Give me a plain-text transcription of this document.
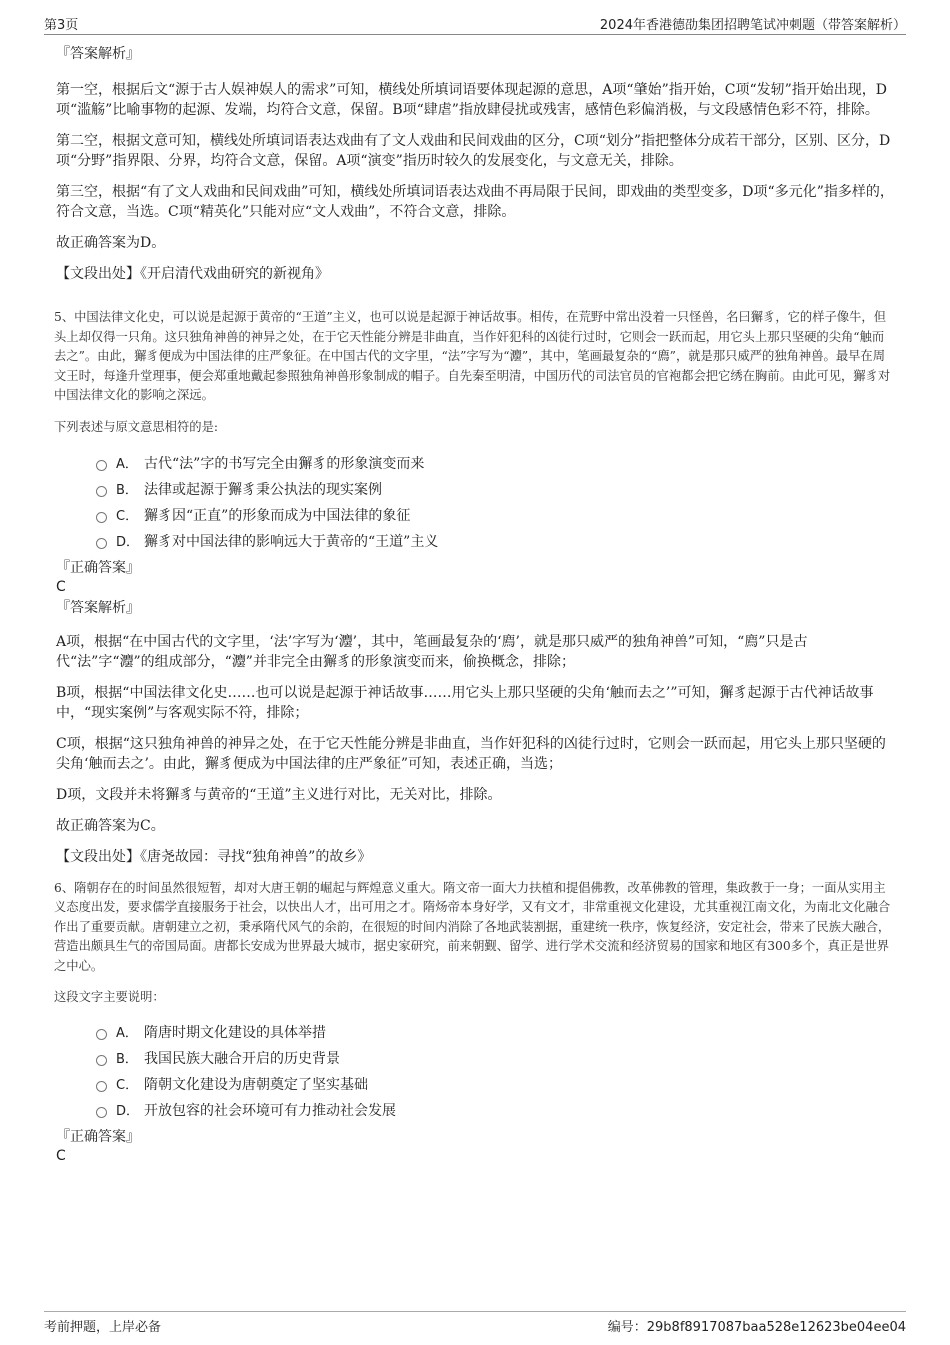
第3页	2024年香港德劭集团招聘笔试冲刺题（带答案解析）

『答案解析』

第一空，根据后文“源于古人娱神娱人的需求”可知，横线处所填词语要体现起源的意思，A项“肇始”指开始，C项“发轫”指开始出现，D项“滥觞”比喻事物的起源、发端，均符合文意，保留。B项“肆虐”指放肆侵扰或残害，感情色彩偏消极，与文段感情色彩不符，排除。

第二空，根据文意可知，横线处所填词语表达戏曲有了文人戏曲和民间戏曲的区分，C项“划分”指把整体分成若干部分，区别、区分，D项“分野”指界限、分界，均符合文意，保留。A项“演变”指历时较久的发展变化，与文意无关，排除。

第三空，根据“有了文人戏曲和民间戏曲”可知，横线处所填词语表达戏曲不再局限于民间，即戏曲的类型变多，D项“多元化”指多样的，符合文意，当选。C项“精英化”只能对应“文人戏曲”，不符合文意，排除。

故正确答案为D。

【文段出处】《开启清代戏曲研究的新视角》

5、中国法律文化史，可以说是起源于黄帝的“王道”主义，也可以说是起源于神话故事。相传，在荒野中常出没着一只怪兽，名曰獬豸，它的样子像牛，但头上却仅得一只角。这只独角神兽的神异之处，在于它天性能分辨是非曲直，当作奸犯科的凶徒行过时，它则会一跃而起，用它头上那只坚硬的尖角“触而去之”。由此，獬豸便成为中国法律的庄严象征。在中国古代的文字里，“法”字写为“灋”，其中，笔画最复杂的“廌”，就是那只威严的独角神兽。最早在周文王时，每逢升堂理事，便会郑重地戴起参照独角神兽形象制成的帽子。自先秦至明清，中国历代的司法官员的官袍都会把它绣在胸前。由此可见，獬豸对中国法律文化的影响之深远。

下列表述与原文意思相符的是:

A． 古代“法”字的书写完全由獬豸的形象演变而来
B． 法律或起源于獬豸秉公执法的现实案例
C． 獬豸因“正直”的形象而成为中国法律的象征
D． 獬豸对中国法律的影响远大于黄帝的“王道”主义

『正确答案』

C

『答案解析』

A项，根据“在中国古代的文字里，‘法’字写为‘灋’，其中，笔画最复杂的‘廌’，就是那只威严的独角神兽”可知，“廌”只是古代“法”字“灋”的组成部分，“灋”并非完全由獬豸的形象演变而来，偷换概念，排除；

B项，根据“中国法律文化史……也可以说是起源于神话故事……用它头上那只坚硬的尖角‘触而去之’”可知，獬豸起源于古代神话故事中，“现实案例”与客观实际不符，排除；

C项，根据“这只独角神兽的神异之处，在于它天性能分辨是非曲直，当作奸犯科的凶徒行过时，它则会一跃而起，用它头上那只坚硬的尖角‘触而去之’。由此，獬豸便成为中国法律的庄严象征”可知，表述正确，当选；

D项，文段并未将獬豸与黄帝的“王道”主义进行对比，无关对比，排除。

故正确答案为C。

【文段出处】《唐尧故园：寻找“独角神兽”的故乡》

6、隋朝存在的时间虽然很短暂，却对大唐王朝的崛起与辉煌意义重大。隋文帝一面大力扶植和提倡佛教，改革佛教的管理，集政教于一身；一面从实用主义态度出发，要求儒学直接服务于社会，以快出人才，出可用之才。隋炀帝本身好学，又有文才，非常重视文化建设，尤其重视江南文化，为南北文化融合作出了重要贡献。唐朝建立之初，秉承隋代风气的余韵，在很短的时间内消除了各地武装割据，重建统一秩序，恢复经济，安定社会，带来了民族大融合，营造出颇具生气的帝国局面。唐都长安成为世界最大城市，据史家研究，前来朝觐、留学、进行学术交流和经济贸易的国家和地区有300多个，真正是世界之中心。

这段文字主要说明：

A． 隋唐时期文化建设的具体举措
B． 我国民族大融合开启的历史背景
C． 隋朝文化建设为唐朝奠定了坚实基础
D． 开放包容的社会环境可有力推动社会发展

『正确答案』

C

考前押题，上岸必备	编号：29b8f8917087baa528e12623be04ee04
